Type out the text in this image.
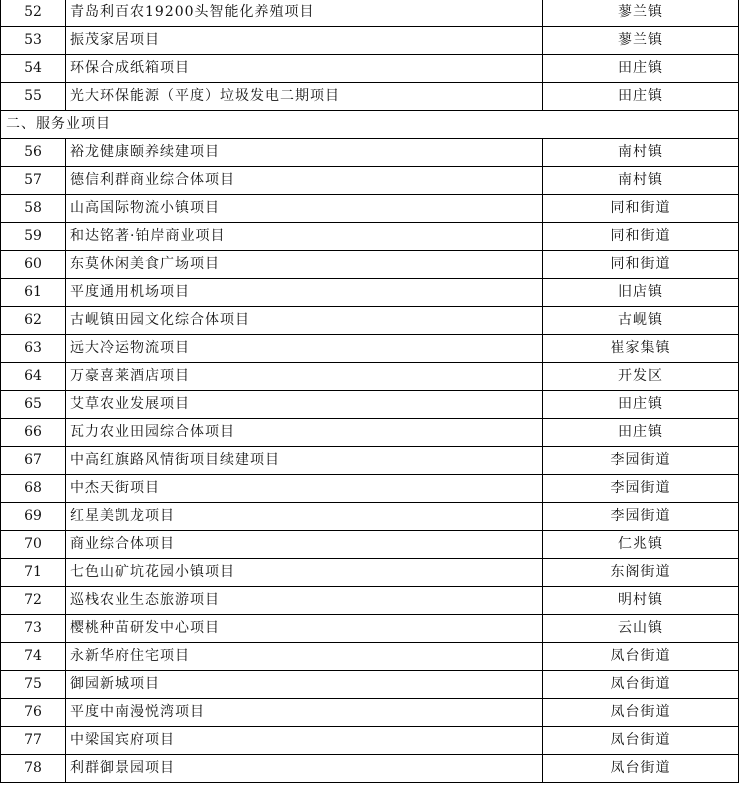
52	青岛利百农19200头智能化养殖项目	蓼兰镇
53	振茂家居项目	蓼兰镇
54	环保合成纸箱项目	田庄镇
55	光大环保能源（平度）垃圾发电二期项目	田庄镇
二、服务业项目		
56	裕龙健康颐养续建项目	南村镇
57	德信利群商业综合体项目	南村镇
58	山高国际物流小镇项目	同和街道
59	和达铭著·铂岸商业项目	同和街道
60	东莫休闲美食广场项目	同和街道
61	平度通用机场项目	旧店镇
62	古岘镇田园文化综合体项目	古岘镇
63	远大冷运物流项目	崔家集镇
64	万豪喜莱酒店项目	开发区
65	艾草农业发展项目	田庄镇
66	瓦力农业田园综合体项目	田庄镇
67	中高红旗路风情街项目续建项目	李园街道
68	中杰天街项目	李园街道
69	红星美凯龙项目	李园街道
70	商业综合体项目	仁兆镇
71	七色山矿坑花园小镇项目	东阁街道
72	巡栈农业生态旅游项目	明村镇
73	樱桃种苗研发中心项目	云山镇
74	永新华府住宅项目	凤台街道
75	御园新城项目	凤台街道
76	平度中南漫悦湾项目	凤台街道
77	中梁国宾府项目	凤台街道
78	利群御景园项目	凤台街道
